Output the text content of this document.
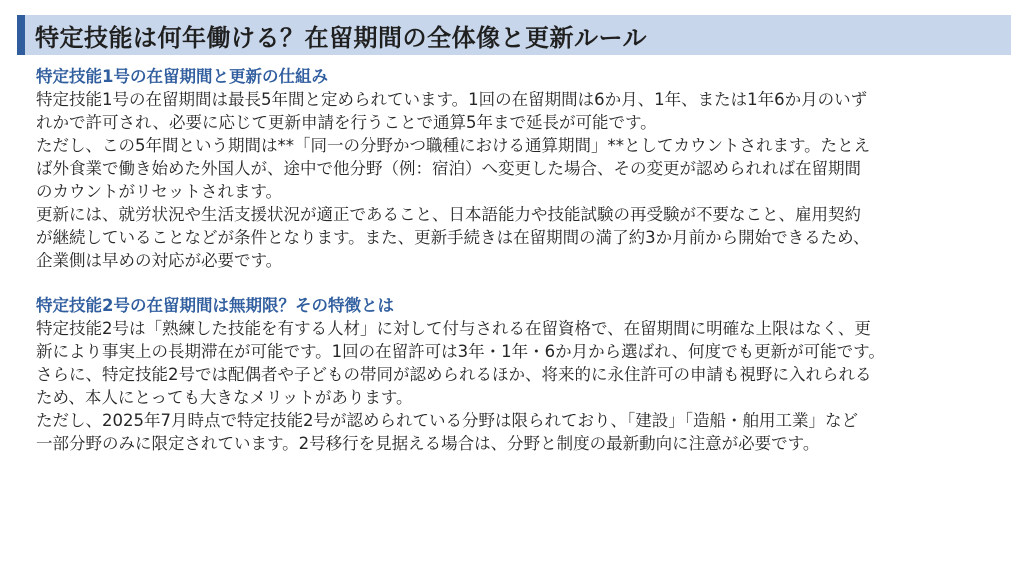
特定技能は何年働ける？在留期間の全体像と更新ルール
特定技能1号の在留期間と更新の仕組み

特定技能1号の在留期間は最長5年間と定められています。1回の在留期間は6か月、1年、または1年6か月のいず
れかで許可され、必要に応じて更新申請を行うことで通算5年まで延長が可能です。

ただし、この5年間という期間は**「同一の分野かつ職種における通算期間」**としてカウントされます。たとえ
ば外食業で働き始めた外国人が、途中で他分野（例：宿泊）へ変更した場合、その変更が認められれば在留期間
のカウントがリセットされます。

更新には、就労状況や生活支援状況が適正であること、日本語能力や技能試験の再受験が不要なこと、雇用契約
が継続していることなどが条件となります。また、更新手続きは在留期間の満了約3か月前から開始できるため、
企業側は早めの対応が必要です。

特定技能2号の在留期間は無期限？その特徴とは

特定技能2号は「熟練した技能を有する人材」に対して付与される在留資格で、在留期間に明確な上限はなく、更
新により事実上の長期滞在が可能です。1回の在留許可は3年・1年・6か月から選ばれ、何度でも更新が可能です。
さらに、特定技能2号では配偶者や子どもの帯同が認められるほか、将来的に永住許可の申請も視野に入れられる
ため、本人にとっても大きなメリットがあります。

ただし、2025年7月時点で特定技能2号が認められている分野は限られており、「建設」「造船・舶用工業」など
一部分野のみに限定されています。2号移行を見据える場合は、分野と制度の最新動向に注意が必要です。
